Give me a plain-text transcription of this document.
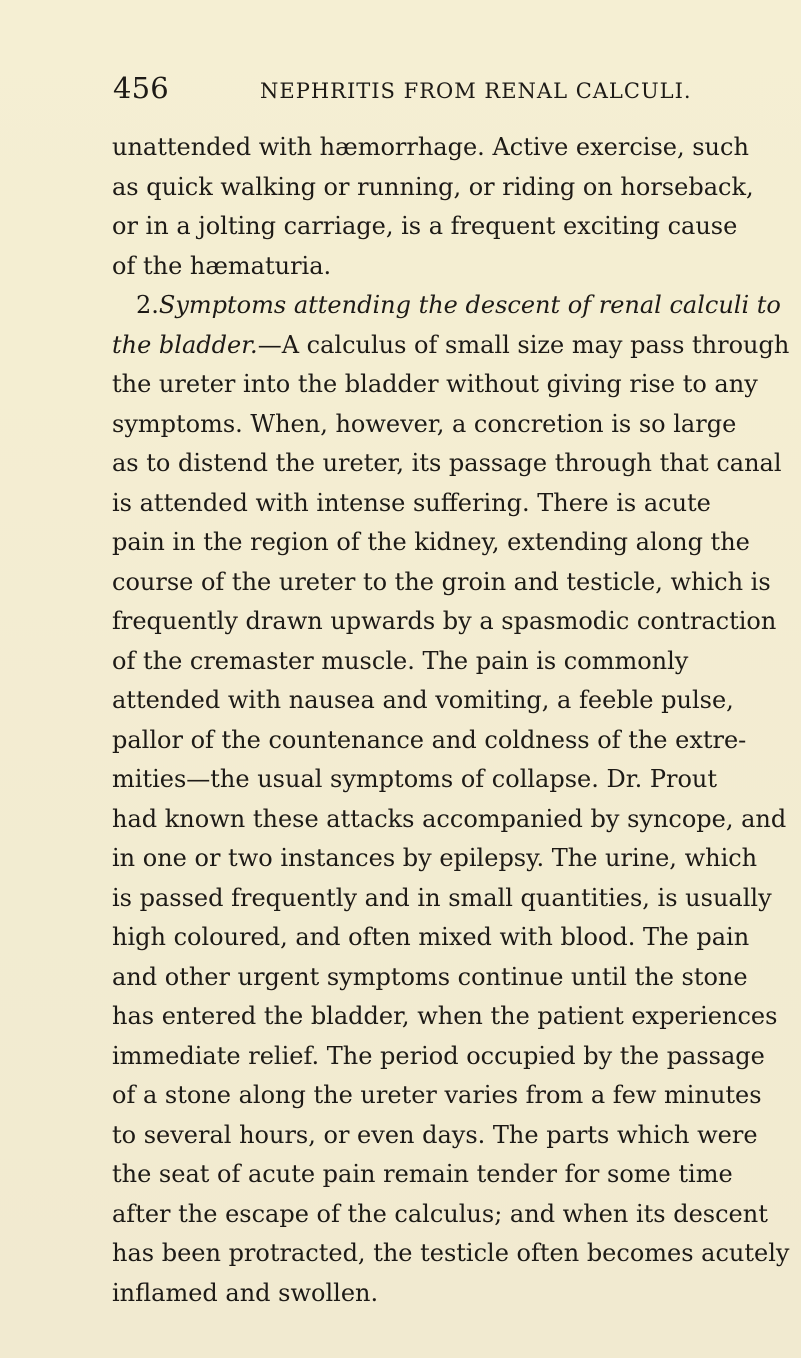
456	NEPHRITIS FROM RENAL CALCULI.
unattended with hæmorrhage. Active exercise, such
as quick walking or running, or riding on horseback,
or in a jolting carriage, is a frequent exciting cause
of the hæmaturia.
2. Symptoms attending the descent of renal calculi to
the bladder.—A calculus of small size may pass through
the ureter into the bladder without giving rise to any
symptoms. When, however, a concretion is so large
as to distend the ureter, its passage through that canal
is attended with intense suffering. There is acute
pain in the region of the kidney, extending along the
course of the ureter to the groin and testicle, which is
frequently drawn upwards by a spasmodic contraction
of the cremaster muscle. The pain is commonly
attended with nausea and vomiting, a feeble pulse,
pallor of the countenance and coldness of the extre-
mities—the usual symptoms of collapse. Dr. Prout
had known these attacks accompanied by syncope, and
in one or two instances by epilepsy. The urine, which
is passed frequently and in small quantities, is usually
high coloured, and often mixed with blood. The pain
and other urgent symptoms continue until the stone
has entered the bladder, when the patient experiences
immediate relief. The period occupied by the passage
of a stone along the ureter varies from a few minutes
to several hours, or even days. The parts which were
the seat of acute pain remain tender for some time
after the escape of the calculus; and when its descent
has been protracted, the testicle often becomes acutely
inflamed and swollen.
